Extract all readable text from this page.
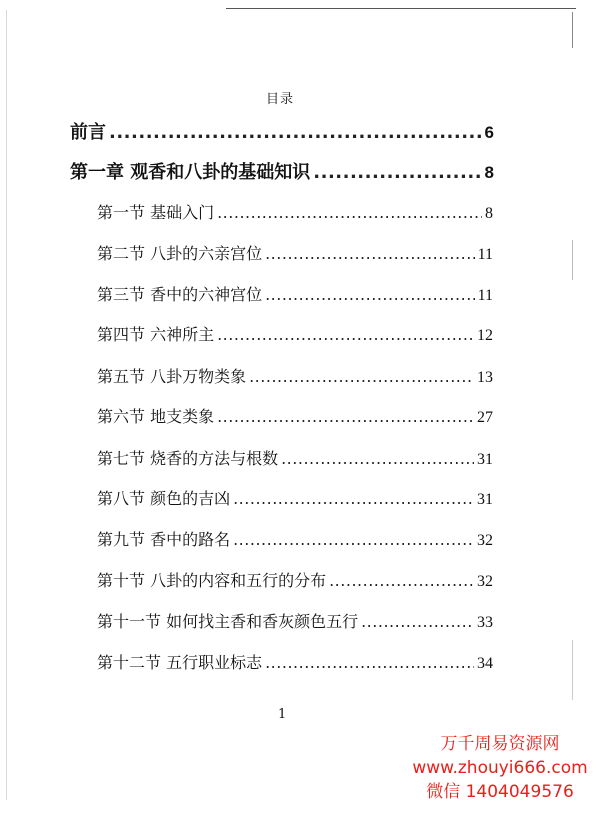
目录
前言 .....	6
第一章 观香和八卦的基础知识 .....	8
第一节 基础入门 .....	8
第二节 八卦的六亲宫位 .....	11
第三节 香中的六神宫位 .....	11
第四节 六神所主 .....	12
第五节 八卦万物类象 .....	13
第六节 地支类象 .....	27
第七节 烧香的方法与根数 .....	31
第八节 颜色的吉凶 .....	31
第九节 香中的路名 .....	32
第十节 八卦的内容和五行的分布 .....	32
第十一节 如何找主香和香灰颜色五行 .....	33
第十二节 五行职业标志 .....	34
1
万千周易资源网
www.zhouyi666.com
微信 1404049576
